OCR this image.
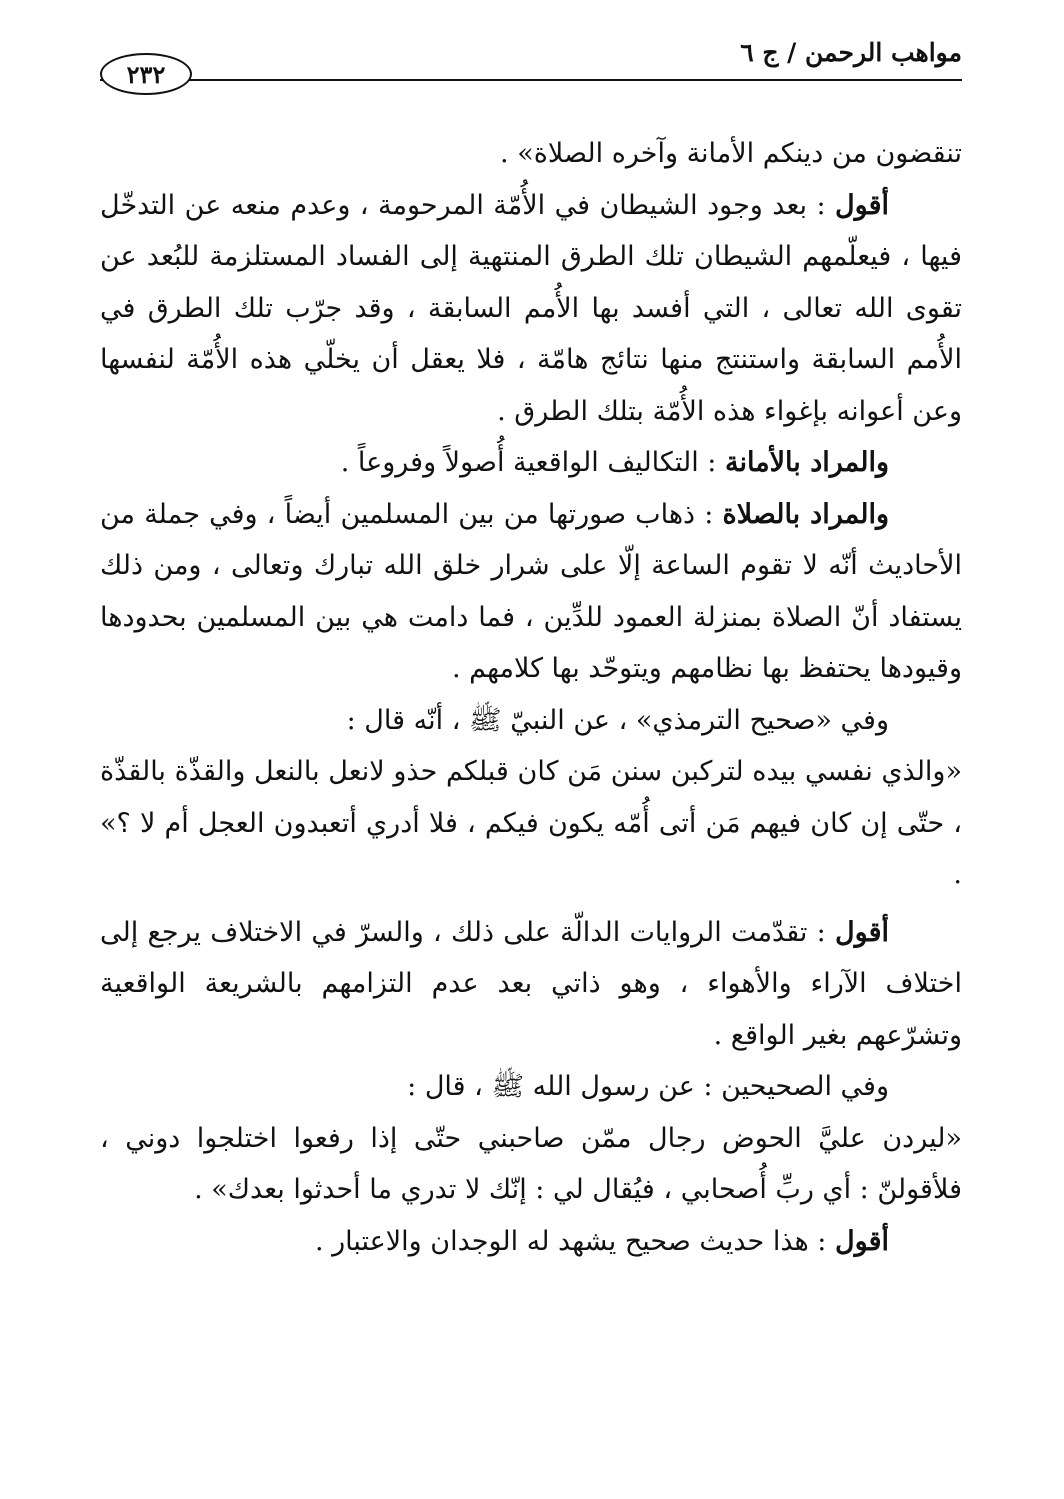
مواهب الرحمن / ج ٦
٢٣٢

تنقضون من دينكم الأمانة وآخره الصلاة» .

أقول : بعد وجود الشيطان في الأُمّة المرحومة ، وعدم منعه عن التدخّل فيها ، فيعلّمهم الشيطان تلك الطرق المنتهية إلى الفساد المستلزمة للبُعد عن تقوى الله تعالى ، التي أفسد بها الأُمم السابقة ، وقد جرّب تلك الطرق في الأُمم السابقة واستنتج منها نتائج هامّة ، فلا يعقل أن يخلّي هذه الأُمّة لنفسها وعن أعوانه بإغواء هذه الأُمّة بتلك الطرق .

والمراد بالأمانة : التكاليف الواقعية أُصولاً وفروعاً .

والمراد بالصلاة : ذهاب صورتها من بين المسلمين أيضاً ، وفي جملة من الأحاديث أنّه لا تقوم الساعة إلّا على شرار خلق الله تبارك وتعالى ، ومن ذلك يستفاد أنّ الصلاة بمنزلة العمود للدِّين ، فما دامت هي بين المسلمين بحدودها وقيودها يحتفظ بها نظامهم ويتوحّد بها كلامهم .

وفي «صحيح الترمذي» ، عن النبيّ ﷺ ، أنّه قال :

«والذي نفسي بيده لتركبن سنن مَن كان قبلكم حذو لانعل بالنعل والقذّة بالقذّة ، حتّى إن كان فيهم مَن أتى أُمّه يكون فيكم ، فلا أدري أتعبدون العجل أم لا ؟» .

أقول : تقدّمت الروايات الدالّة على ذلك ، والسرّ في الاختلاف يرجع إلى اختلاف الآراء والأهواء ، وهو ذاتي بعد عدم التزامهم بالشريعة الواقعية وتشرّعهم بغير الواقع .

وفي الصحيحين : عن رسول الله ﷺ ، قال :

«ليردن عليَّ الحوض رجال ممّن صاحبني حتّى إذا رفعوا اختلجوا دوني ، فلأقولنّ : أي ربِّ أُصحابي ، فيُقال لي : إنّك لا تدري ما أحدثوا بعدك» .

أقول : هذا حديث صحيح يشهد له الوجدان والاعتبار .
